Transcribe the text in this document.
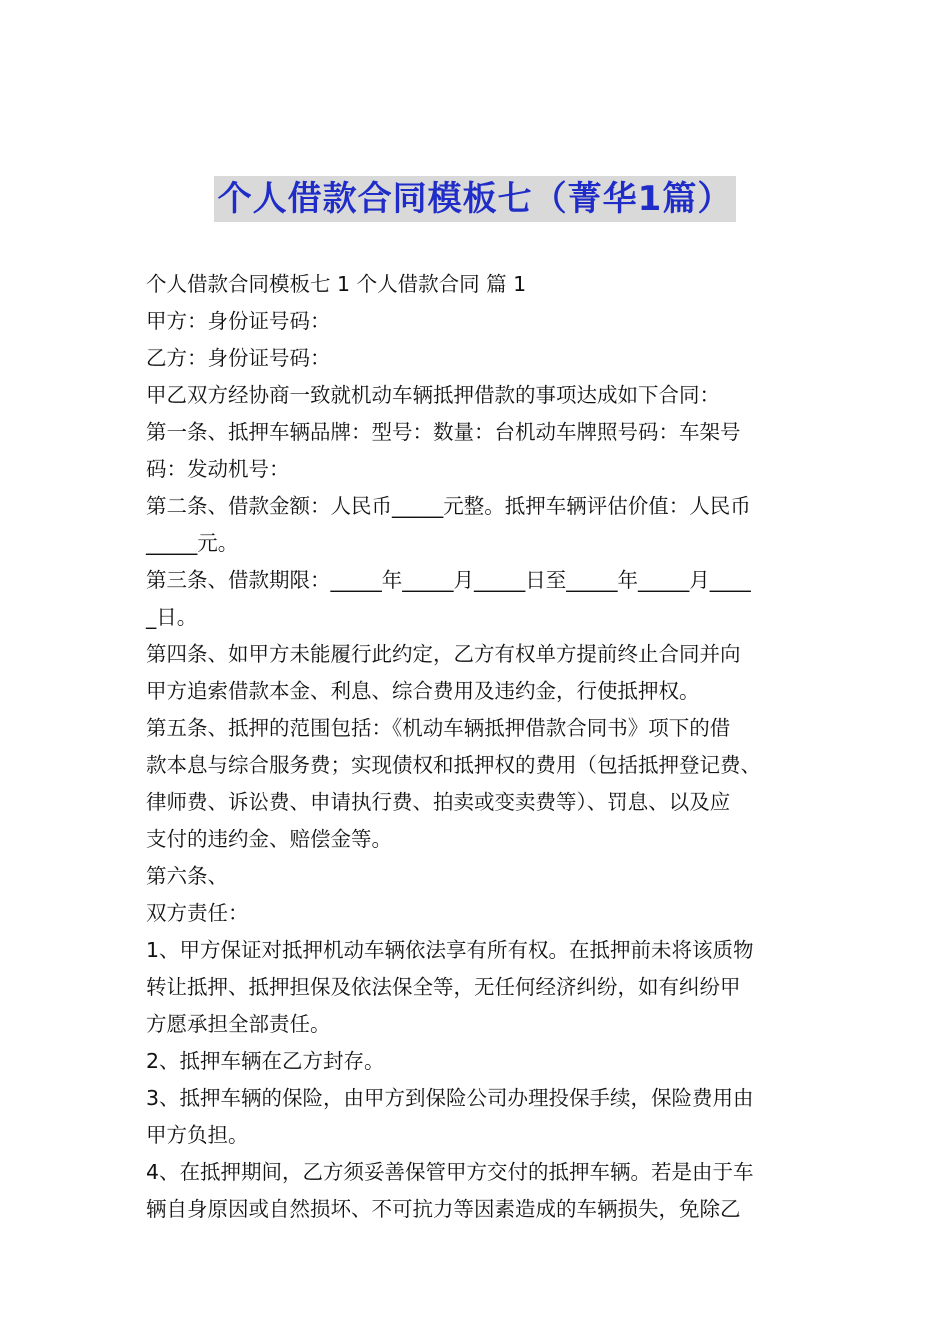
个人借款合同模板七（菁华1篇）
个人借款合同模板七 1 个人借款合同 篇 1
甲方：身份证号码：
乙方：身份证号码：
甲乙双方经协商一致就机动车辆抵押借款的事项达成如下合同：
第一条、抵押车辆品牌：型号：数量：台机动车牌照号码：车架号
码：发动机号：
第二条、借款金额：人民币_____元整。抵押车辆评估价值：人民币
_____元。
第三条、借款期限：_____年_____月_____日至_____年_____月____
_日。
第四条、如甲方未能履行此约定，乙方有权单方提前终止合同并向
甲方追索借款本金、利息、综合费用及违约金，行使抵押权。
第五条、抵押的范围包括：《机动车辆抵押借款合同书》项下的借
款本息与综合服务费；实现债权和抵押权的费用（包括抵押登记费、
律师费、诉讼费、申请执行费、拍卖或变卖费等）、罚息、以及应
支付的违约金、赔偿金等。
第六条、
双方责任：
1、甲方保证对抵押机动车辆依法享有所有权。在抵押前未将该质物
转让抵押、抵押担保及依法保全等，无任何经济纠纷，如有纠纷甲
方愿承担全部责任。
2、抵押车辆在乙方封存。
3、抵押车辆的保险，由甲方到保险公司办理投保手续，保险费用由
甲方负担。
4、在抵押期间，乙方须妥善保管甲方交付的抵押车辆。若是由于车
辆自身原因或自然损坏、不可抗力等因素造成的车辆损失，免除乙
